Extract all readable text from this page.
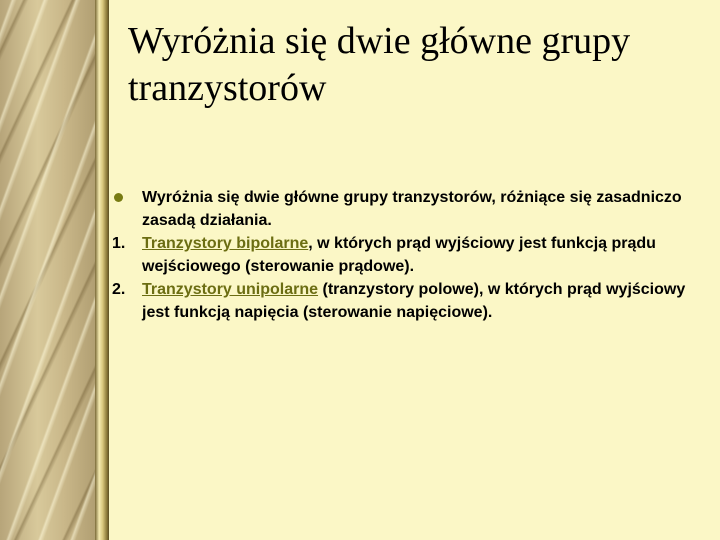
Wyróżnia się dwie główne grupy tranzystorów
Wyróżnia się dwie główne grupy tranzystorów, różniące się zasadniczo zasadą działania.
1.	Tranzystory bipolarne, w których prąd wyjściowy jest funkcją prądu wejściowego (sterowanie prądowe).
2.	Tranzystory unipolarne (tranzystory polowe), w których prąd wyjściowy jest funkcją napięcia (sterowanie napięciowe).
